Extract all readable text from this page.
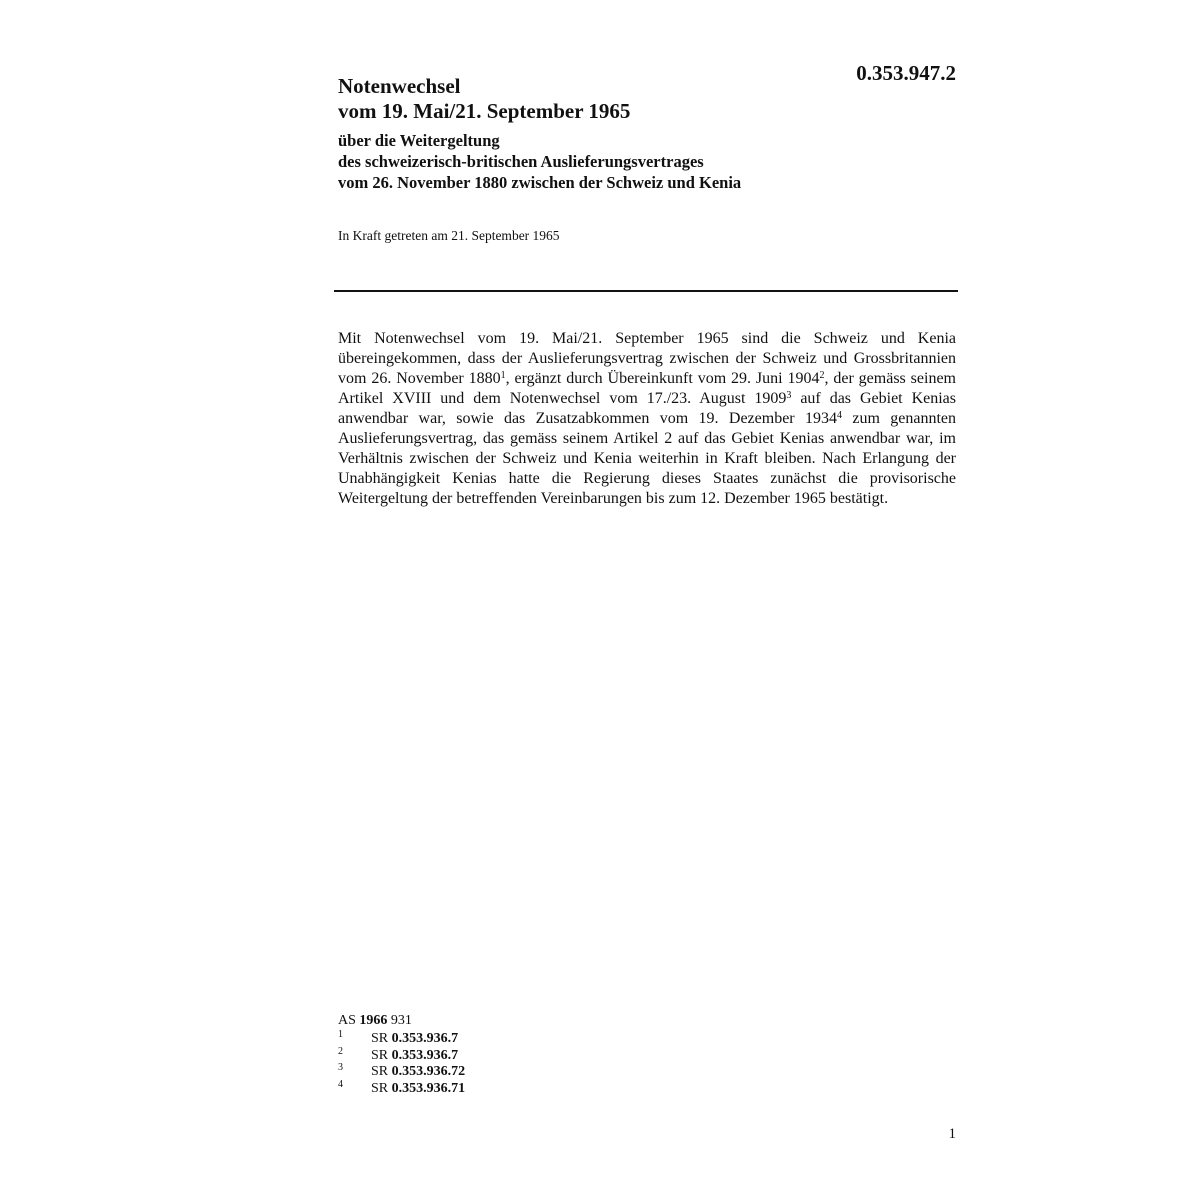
0.353.947.2
Notenwechsel
vom 19. Mai/21. September 1965
über die Weitergeltung
des schweizerisch-britischen Auslieferungsvertrages
vom 26. November 1880 zwischen der Schweiz und Kenia
In Kraft getreten am 21. September 1965

Mit Notenwechsel vom 19. Mai/21. September 1965 sind die Schweiz und Kenia übereingekommen, dass der Auslieferungsvertrag zwischen der Schweiz und Grossbritannien vom 26. November 1880$^1$, ergänzt durch Übereinkunft vom 29. Juni 1904$^2$, der gemäss seinem Artikel XVIII und dem Notenwechsel vom 17./23. August 1909$^3$ auf das Gebiet Kenias anwendbar war, sowie das Zusatzabkommen vom 19. Dezember 1934$^4$ zum genannten Auslieferungsvertrag, das gemäss seinem Artikel 2 auf das Gebiet Kenias anwendbar war, im Verhältnis zwischen der Schweiz und Kenia weiterhin in Kraft bleiben. Nach Erlangung der Unabhängigkeit Kenias hatte die Regierung dieses Staates zunächst die provisorische Weitergeltung der betreffenden Vereinbarungen bis zum 12. Dezember 1965 bestätigt.

AS 1966 931
1 SR 0.353.936.7
2 SR 0.353.936.7
3 SR 0.353.936.72
4 SR 0.353.936.71
1
